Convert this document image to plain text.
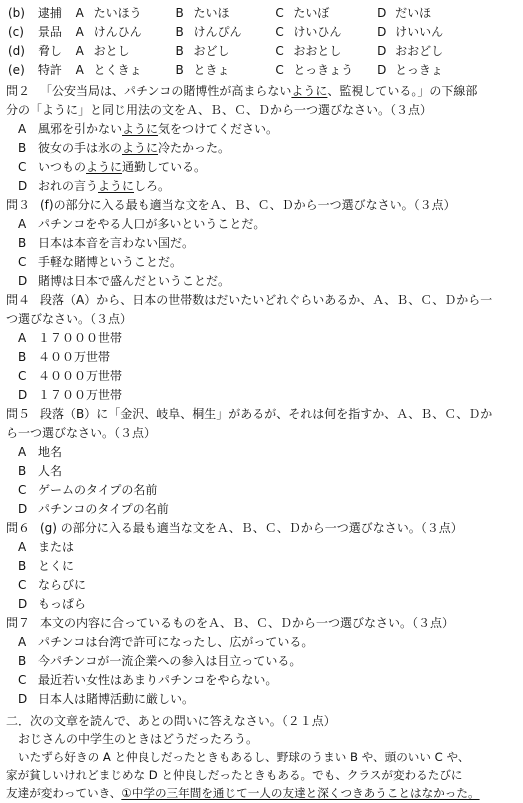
(b) 逮捕 A たいほう	B たいほ	C たいぼ	D だいほ
(c) 景品 A けんひん	B けんぴん	C けいひん	D けいいん
(d) 脅し A おとし	B おどし	C おおとし	D おおどし
(e) 特許 A とくきょ	B ときょ	C とっきょう D とっきょ
問２ 「公安当局は、パチンコの賭博性が高まらないように、監視している。」の下線部
分の「ように」と同じ用法の文をＡ、Ｂ、Ｃ、Ｄから一つ選びなさい。（３点）
A 風邪を引かないように気をつけてください。
B 彼女の手は氷のように冷たかった。
C いつものように通勤している。
D おれの言うようにしろ。
問３ (f)の部分に入る最も適当な文をＡ、Ｂ、Ｃ、Ｄから一つ選びなさい。（３点）
A パチンコをやる人口が多いということだ。
B 日本は本音を言わない国だ。
C 手軽な賭博ということだ。
D 賭博は日本で盛んだということだ。
問４ 段落（A）から、日本の世帯数はだいたいどれぐらいあるか、Ａ、Ｂ、Ｃ、Ｄから一
つ選びなさい。（３点）
A １７０００世帯
B ４００万世帯
C ４０００万世帯
D １７００万世帯
問５ 段落（B）に「金沢、岐阜、桐生」があるが、それは何を指すか、Ａ、Ｂ、Ｃ、Ｄか
ら一つ選びなさい。（３点）
A 地名
B 人名
C ゲームのタイプの名前
D パチンコのタイプの名前
問６ (g) の部分に入る最も適当な文をＡ、Ｂ、Ｃ、Ｄから一つ選びなさい。（３点）
A または
B とくに
C ならびに
D もっぱら
問７ 本文の内容に合っているものをＡ、Ｂ、Ｃ、Ｄから一つ選びなさい。（３点）
A パチンコは台湾で許可になったし、広がっている。
B 今パチンコが一流企業への参入は目立っている。
C 最近若い女性はあまりパチンコをやらない。
D 日本人は賭博活動に厳しい。
二．次の文章を読んで、あとの問いに答えなさい。（２１点）
おじさんの中学生のときはどうだったろう。
いたずら好きの A と仲良しだったときもあるし、野球のうまい B や、頭のいい C や、
家が貧しいけれどまじめな D と仲良しだったときもある。でも、クラスが変わるたびに
友達が変わっていき、①中学の三年間を通じて一人の友達と深くつきあうことはなかった。
